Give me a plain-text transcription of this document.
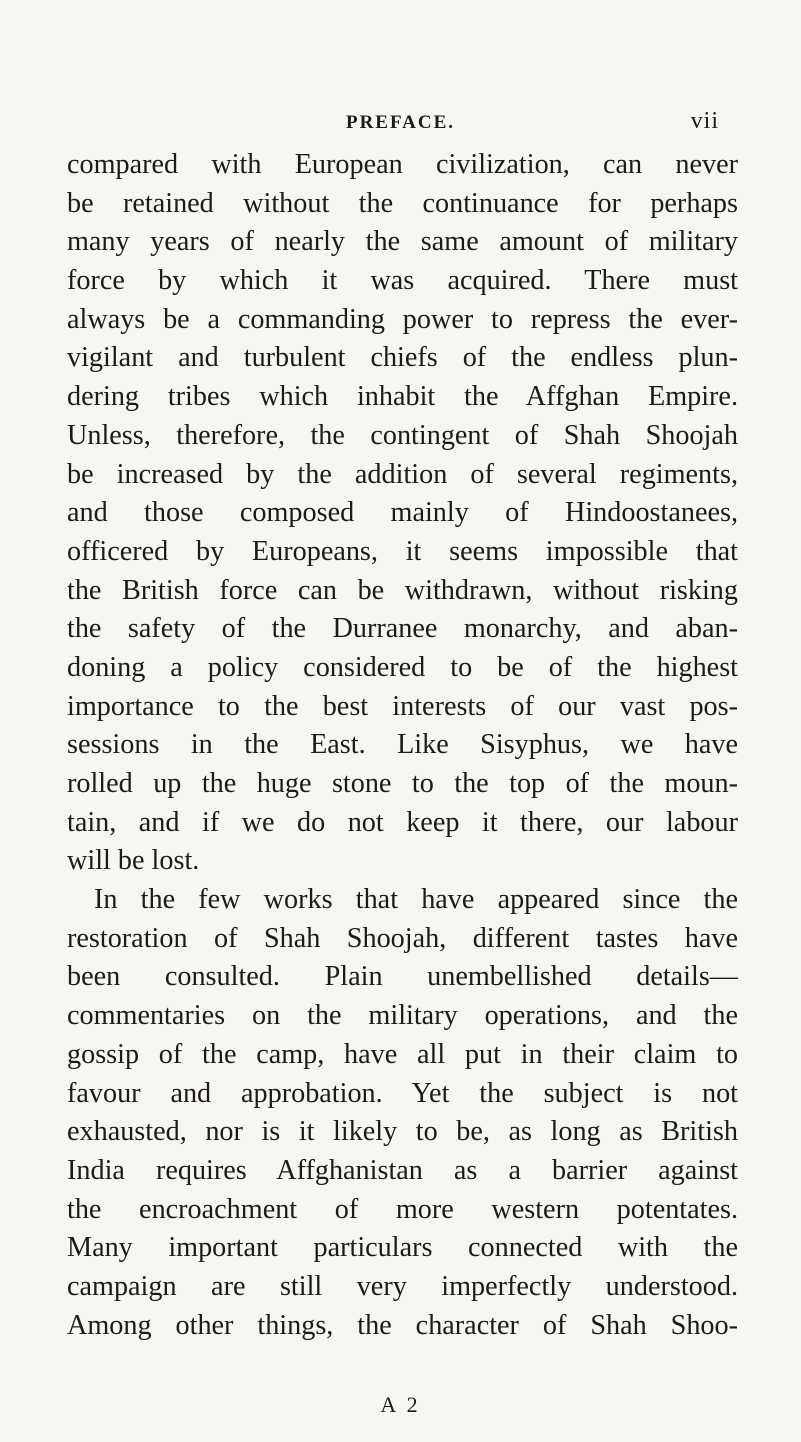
PREFACE.	vii
compared with European civilization, can never
be retained without the continuance for perhaps
many years of nearly the same amount of military
force by which it was acquired. There must
always be a commanding power to repress the ever-
vigilant and turbulent chiefs of the endless plun-
dering tribes which inhabit the Affghan Empire.
Unless, therefore, the contingent of Shah Shoojah
be increased by the addition of several regiments,
and those composed mainly of Hindoostanees,
officered by Europeans, it seems impossible that
the British force can be withdrawn, without risking
the safety of the Durranee monarchy, and aban-
doning a policy considered to be of the highest
importance to the best interests of our vast pos-
sessions in the East. Like Sisyphus, we have
rolled up the huge stone to the top of the moun-
tain, and if we do not keep it there, our labour
will be lost.
In the few works that have appeared since the
restoration of Shah Shoojah, different tastes have
been consulted. Plain unembellished details—
commentaries on the military operations, and the
gossip of the camp, have all put in their claim to
favour and approbation. Yet the subject is not
exhausted, nor is it likely to be, as long as British
India requires Affghanistan as a barrier against
the encroachment of more western potentates.
Many important particulars connected with the
campaign are still very imperfectly understood.
Among other things, the character of Shah Shoo-
A 2
